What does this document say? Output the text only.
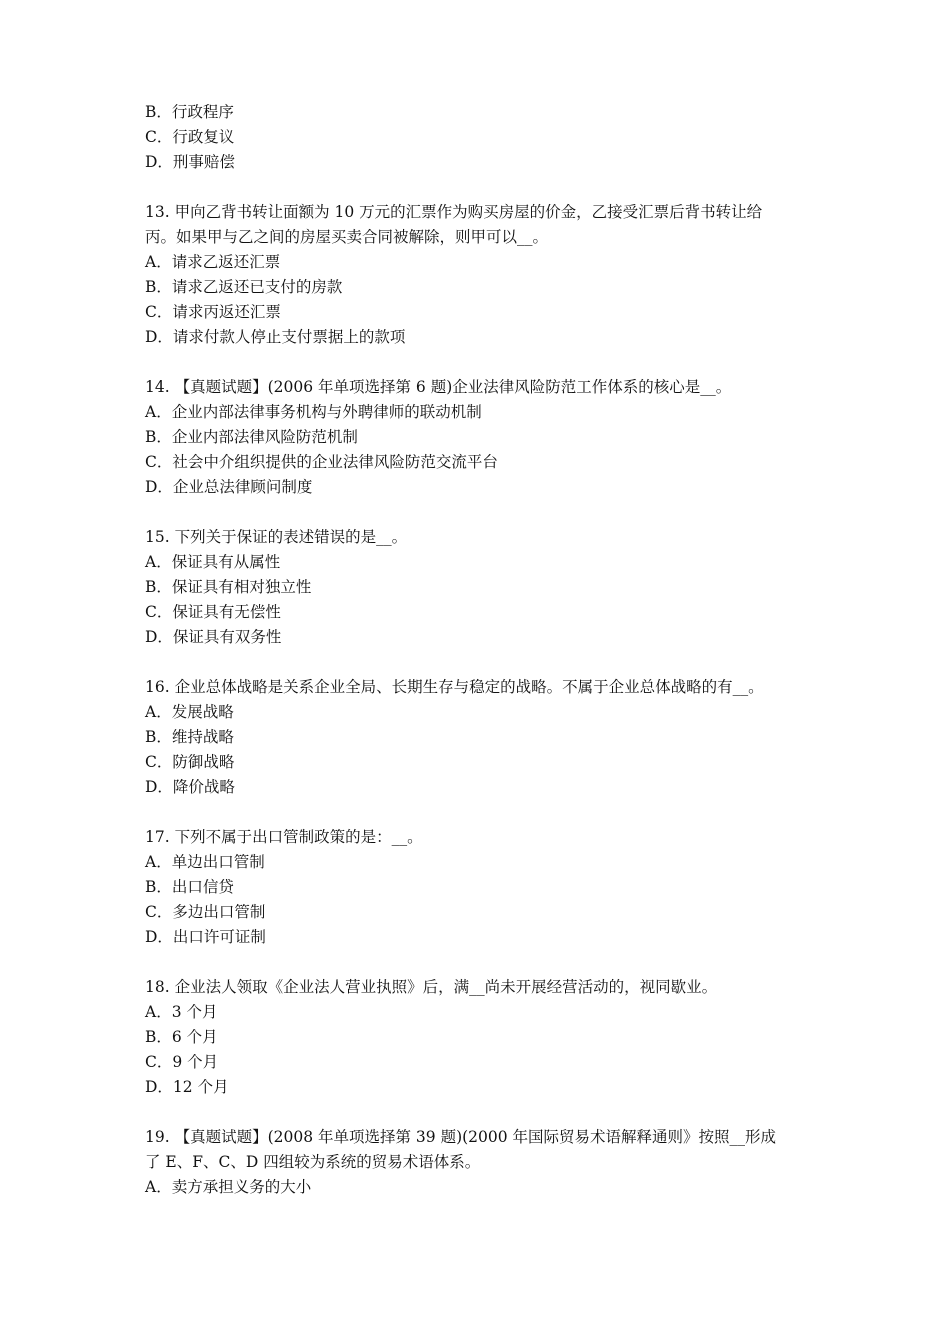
B．行政程序
C．行政复议
D．刑事赔偿
13. 甲向乙背书转让面额为 10 万元的汇票作为购买房屋的价金，乙接受汇票后背书转让给
丙。如果甲与乙之间的房屋买卖合同被解除，则甲可以__。
A．请求乙返还汇票
B．请求乙返还已支付的房款
C．请求丙返还汇票
D．请求付款人停止支付票据上的款项
14. 【真题试题】(2006 年单项选择第 6 题)企业法律风险防范工作体系的核心是__。
A．企业内部法律事务机构与外聘律师的联动机制
B．企业内部法律风险防范机制
C．社会中介组织提供的企业法律风险防范交流平台
D．企业总法律顾问制度
15. 下列关于保证的表述错误的是__。
A．保证具有从属性
B．保证具有相对独立性
C．保证具有无偿性
D．保证具有双务性
16. 企业总体战略是关系企业全局、长期生存与稳定的战略。不属于企业总体战略的有__。
A．发展战略
B．维持战略
C．防御战略
D．降价战略
17. 下列不属于出口管制政策的是：__。
A．单边出口管制
B．出口信贷
C．多边出口管制
D．出口许可证制
18. 企业法人领取《企业法人营业执照》后，满__尚未开展经营活动的，视同歇业。
A．3 个月
B．6 个月
C．9 个月
D．12 个月
19. 【真题试题】(2008 年单项选择第 39 题)(2000 年国际贸易术语解释通则》按照__形成
了 E、F、C、D 四组较为系统的贸易术语体系。
A．卖方承担义务的大小
